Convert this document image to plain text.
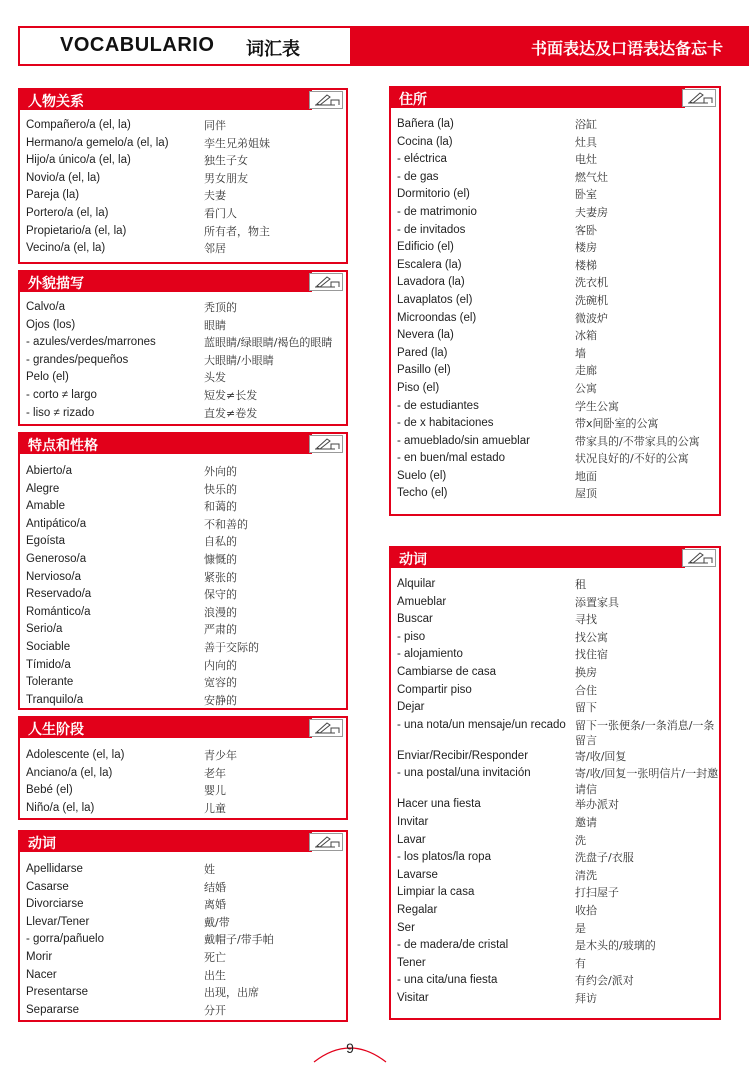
VOCABULARIO 词汇表	书面表达及口语表达备忘卡
人物关系
Compañero/a (el, la)	同伴
Hermano/a gemelo/a (el, la)	孪生兄弟姐妹
Hijo/a único/a (el, la)	独生子女
Novio/a (el, la)	男女朋友
Pareja (la)	夫妻
Portero/a (el, la)	看门人
Propietario/a (el, la)	所有者，物主
Vecino/a (el, la)	邻居
外貌描写
Calvo/a	秃顶的
Ojos (los)	眼睛
- azules/verdes/marrones	蓝眼睛/绿眼睛/褐色的眼睛
- grandes/pequeños	大眼睛/小眼睛
Pelo (el)	头发
- corto ≠ largo	短发≠长发
- liso ≠ rizado	直发≠卷发
特点和性格
Abierto/a	外向的
Alegre	快乐的
Amable	和蔼的
Antipático/a	不和善的
Egoísta	自私的
Generoso/a	慷慨的
Nervioso/a	紧张的
Reservado/a	保守的
Romántico/a	浪漫的
Serio/a	严肃的
Sociable	善于交际的
Tímido/a	内向的
Tolerante	宽容的
Tranquilo/a	安静的
人生阶段
Adolescente (el, la)	青少年
Anciano/a (el, la)	老年
Bebé (el)	婴儿
Niño/a (el, la)	儿童
动词
Apellidarse	姓
Casarse	结婚
Divorciarse	离婚
Llevar/Tener	戴/带
- gorra/pañuelo	戴帽子/带手帕
Morir	死亡
Nacer	出生
Presentarse	出现，出席
Separarse	分开
住所
Bañera (la)	浴缸
Cocina (la)	灶具
- eléctrica	电灶
- de gas	燃气灶
Dormitorio (el)	卧室
- de matrimonio	夫妻房
- de invitados	客卧
Edificio (el)	楼房
Escalera (la)	楼梯
Lavadora (la)	洗衣机
Lavaplatos (el)	洗碗机
Microondas (el)	微波炉
Nevera (la)	冰箱
Pared (la)	墙
Pasillo (el)	走廊
Piso (el)	公寓
- de estudiantes	学生公寓
- de x habitaciones	带x间卧室的公寓
- amueblado/sin amueblar	带家具的/不带家具的公寓
- en buen/mal estado	状况良好的/不好的公寓
Suelo (el)	地面
Techo (el)	屋顶
动词
Alquilar	租
Amueblar	添置家具
Buscar	寻找
- piso	找公寓
- alojamiento	找住宿
Cambiarse de casa	换房
Compartir piso	合住
Dejar	留下
- una nota/un mensaje/un recado 留下一张便条/一条消息/一条留言
Enviar/Recibir/Responder	寄/收/回复
- una postal/una invitación	寄/收/回复一张明信片/一封邀请信
Hacer una fiesta	举办派对
Invitar	邀请
Lavar	洗
- los platos/la ropa	洗盘子/衣服
Lavarse	清洗
Limpiar la casa	打扫屋子
Regalar	收拾
Ser	是
- de madera/de cristal	是木头的/玻璃的
Tener	有
- una cita/una fiesta	有约会/派对
Visitar	拜访
9
